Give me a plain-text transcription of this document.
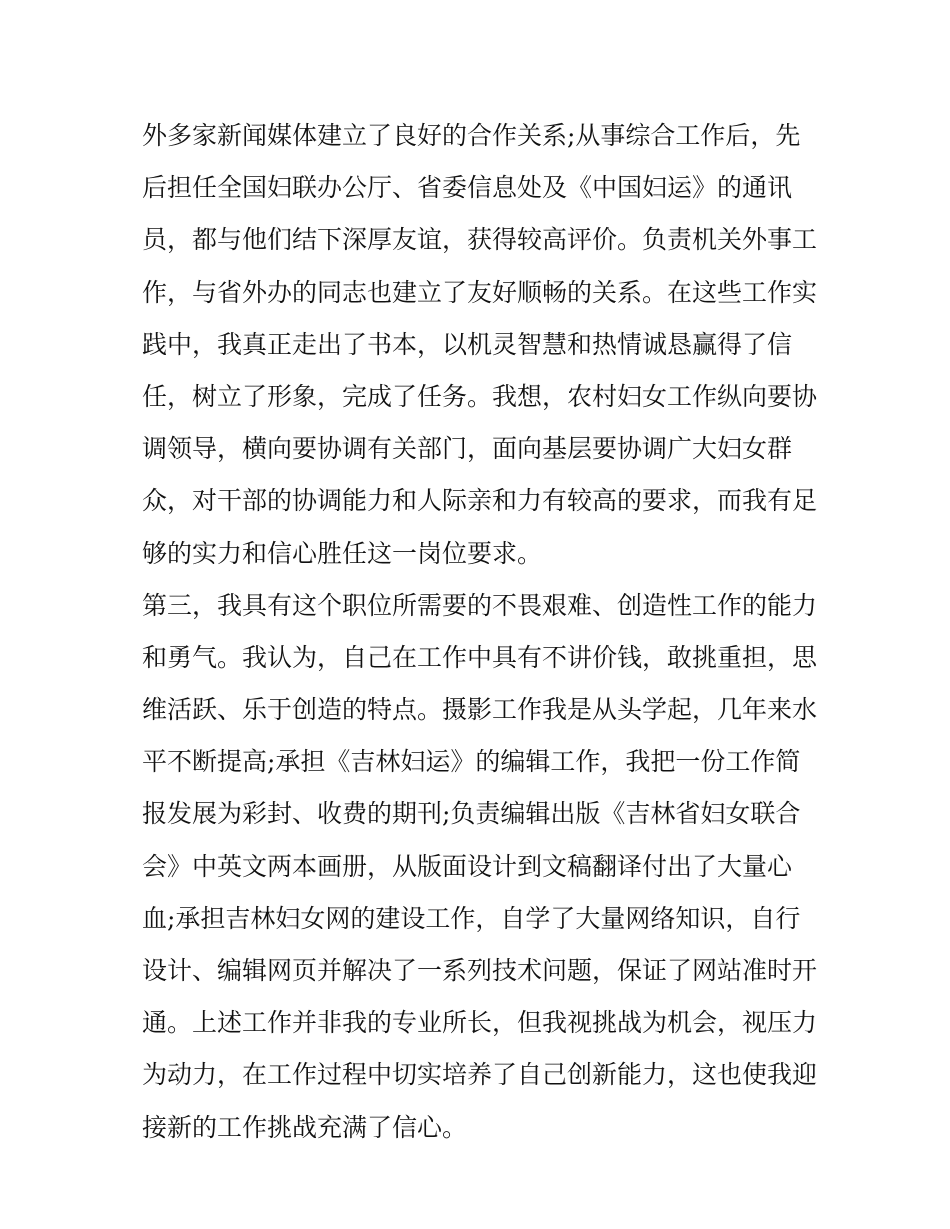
外多家新闻媒体建立了良好的合作关系;从事综合工作后，先
后担任全国妇联办公厅、省委信息处及《中国妇运》的通讯
员，都与他们结下深厚友谊，获得较高评价。负责机关外事工
作，与省外办的同志也建立了友好顺畅的关系。在这些工作实
践中，我真正走出了书本，以机灵智慧和热情诚恳赢得了信
任，树立了形象，完成了任务。我想，农村妇女工作纵向要协
调领导，横向要协调有关部门，面向基层要协调广大妇女群
众，对干部的协调能力和人际亲和力有较高的要求，而我有足
够的实力和信心胜任这一岗位要求。
第三，我具有这个职位所需要的不畏艰难、创造性工作的能力
和勇气。我认为，自己在工作中具有不讲价钱，敢挑重担，思
维活跃、乐于创造的特点。摄影工作我是从头学起，几年来水
平不断提高;承担《吉林妇运》的编辑工作，我把一份工作简
报发展为彩封、收费的期刊;负责编辑出版《吉林省妇女联合
会》中英文两本画册，从版面设计到文稿翻译付出了大量心
血;承担吉林妇女网的建设工作，自学了大量网络知识，自行
设计、编辑网页并解决了一系列技术问题，保证了网站准时开
通。上述工作并非我的专业所长，但我视挑战为机会，视压力
为动力，在工作过程中切实培养了自己创新能力，这也使我迎
接新的工作挑战充满了信心。
